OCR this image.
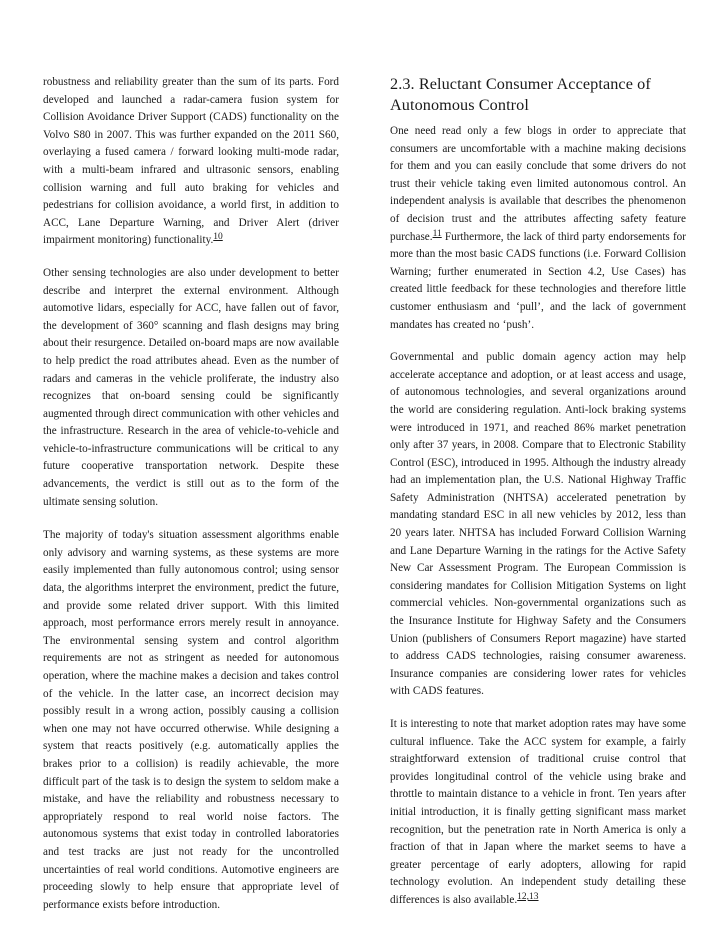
robustness and reliability greater than the sum of its parts. Ford developed and launched a radar-camera fusion system for Collision Avoidance Driver Support (CADS) functionality on the Volvo S80 in 2007. This was further expanded on the 2011 S60, overlaying a fused camera / forward looking multi-mode radar, with a multi-beam infrared and ultrasonic sensors, enabling collision warning and full auto braking for vehicles and pedestrians for collision avoidance, a world first, in addition to ACC, Lane Departure Warning, and Driver Alert (driver impairment monitoring) functionality.$^{10}$

Other sensing technologies are also under development to better describe and interpret the external environment. Although automotive lidars, especially for ACC, have fallen out of favor, the development of 360° scanning and flash designs may bring about their resurgence. Detailed on-board maps are now available to help predict the road attributes ahead. Even as the number of radars and cameras in the vehicle proliferate, the industry also recognizes that on-board sensing could be significantly augmented through direct communication with other vehicles and the infrastructure. Research in the area of vehicle-to-vehicle and vehicle-to-infrastructure communications will be critical to any future cooperative transportation network. Despite these advancements, the verdict is still out as to the form of the ultimate sensing solution.

The majority of today's situation assessment algorithms enable only advisory and warning systems, as these systems are more easily implemented than fully autonomous control; using sensor data, the algorithms interpret the environment, predict the future, and provide some related driver support. With this limited approach, most performance errors merely result in annoyance. The environmental sensing system and control algorithm requirements are not as stringent as needed for autonomous operation, where the machine makes a decision and takes control of the vehicle. In the latter case, an incorrect decision may possibly result in a wrong action, possibly causing a collision when one may not have occurred otherwise. While designing a system that reacts positively (e.g. automatically applies the brakes prior to a collision) is readily achievable, the more difficult part of the task is to design the system to seldom make a mistake, and have the reliability and robustness necessary to appropriately respond to real world noise factors. The autonomous systems that exist today in controlled laboratories and test tracks are just not ready for the uncontrolled uncertainties of real world conditions. Automotive engineers are proceeding slowly to help ensure that appropriate level of performance exists before introduction.

2.3. Reluctant Consumer Acceptance of Autonomous Control

One need read only a few blogs in order to appreciate that consumers are uncomfortable with a machine making decisions for them and you can easily conclude that some drivers do not trust their vehicle taking even limited autonomous control. An independent analysis is available that describes the phenomenon of decision trust and the attributes affecting safety feature purchase.$^{11}$ Furthermore, the lack of third party endorsements for more than the most basic CADS functions (i.e. Forward Collision Warning; further enumerated in Section 4.2, Use Cases) has created little feedback for these technologies and therefore little customer enthusiasm and ‘pull’, and the lack of government mandates has created no ‘push’.

Governmental and public domain agency action may help accelerate acceptance and adoption, or at least access and usage, of autonomous technologies, and several organizations around the world are considering regulation. Anti-lock braking systems were introduced in 1971, and reached 86% market penetration only after 37 years, in 2008. Compare that to Electronic Stability Control (ESC), introduced in 1995. Although the industry already had an implementation plan, the U.S. National Highway Traffic Safety Administration (NHTSA) accelerated penetration by mandating standard ESC in all new vehicles by 2012, less than 20 years later. NHTSA has included Forward Collision Warning and Lane Departure Warning in the ratings for the Active Safety New Car Assessment Program. The European Commission is considering mandates for Collision Mitigation Systems on light commercial vehicles. Non-governmental organizations such as the Insurance Institute for Highway Safety and the Consumers Union (publishers of Consumers Report magazine) have started to address CADS technologies, raising consumer awareness. Insurance companies are considering lower rates for vehicles with CADS features.

It is interesting to note that market adoption rates may have some cultural influence. Take the ACC system for example, a fairly straightforward extension of traditional cruise control that provides longitudinal control of the vehicle using brake and throttle to maintain distance to a vehicle in front. Ten years after initial introduction, it is finally getting significant mass market recognition, but the penetration rate in North America is only a fraction of that in Japan where the market seems to have a greater percentage of early adopters, allowing for rapid technology evolution. An independent study detailing these differences is also available.$^{12,13}$
